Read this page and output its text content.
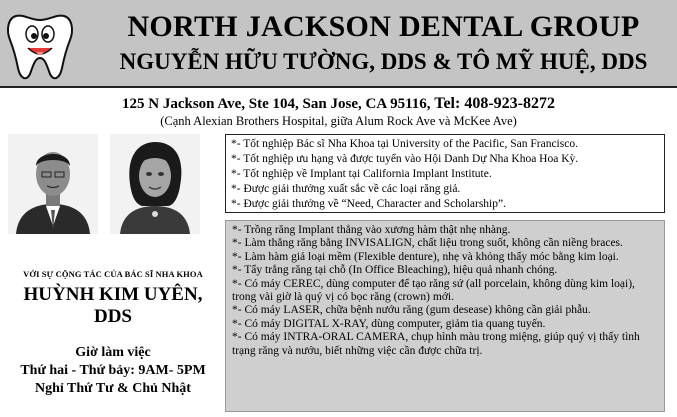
NORTH JACKSON DENTAL GROUP
NGUYỄN HỮU TƯỜNG, DDS & TÔ MỸ HUỆ, DDS
125 N Jackson Ave, Ste 104, San Jose, CA 95116, Tel: 408-923-8272
(Cạnh Alexian Brothers Hospital, giữa Alum Rock Ave và McKee Ave)
*- Tốt nghiệp Bác sĩ Nha Khoa tại University of the Pacific, San Francisco.
*- Tốt nghiệp ưu hạng và được tuyển vào Hội Danh Dự Nha Khoa Hoa Kỳ.
*- Tốt nghiệp về Implant tại California Implant Institute.
*- Được giải thưởng xuất sắc về các loại răng giả.
*- Được giải thưởng về “Need, Character and Scholarship”.

*- Trồng răng Implant thẳng vào xương hàm thật nhẹ nhàng.

*- Làm thẳng răng bằng INVISALIGN, chất liệu trong suốt, không cần niềng braces.

*- Làm hàm giả loại mềm (Flexible denture), nhẹ và khỏng thấy móc bằng kim loại.

*- Tẩy trắng răng tại chỗ (In Office Bleaching), hiệu quả nhanh chóng.

*- Có máy CEREC, dùng computer để tạo răng sứ (all porcelain, không dùng kim loại), trong vài giờ là quý vị có bọc răng (crown) mới.

*- Có máy LASER, chữa bệnh nướu răng (gum desease) không cần giải phẫu.

*- Có máy DIGITAL X-RAY, dùng computer, giảm tia quang tuyến.

*- Có máy INTRA-ORAL CAMERA, chụp hình màu trong miệng, giúp quý vị thấy tình trạng răng và nướu, biết những việc cần được chữa trị.

VỚI SỰ CỘNG TÁC CỦA BÁC SĨ NHA KHOA
HUỲNH KIM UYÊN, DDS
Giờ làm việc
Thứ hai - Thứ bảy: 9AM- 5PM
Nghỉ Thứ Tư & Chủ Nhật
